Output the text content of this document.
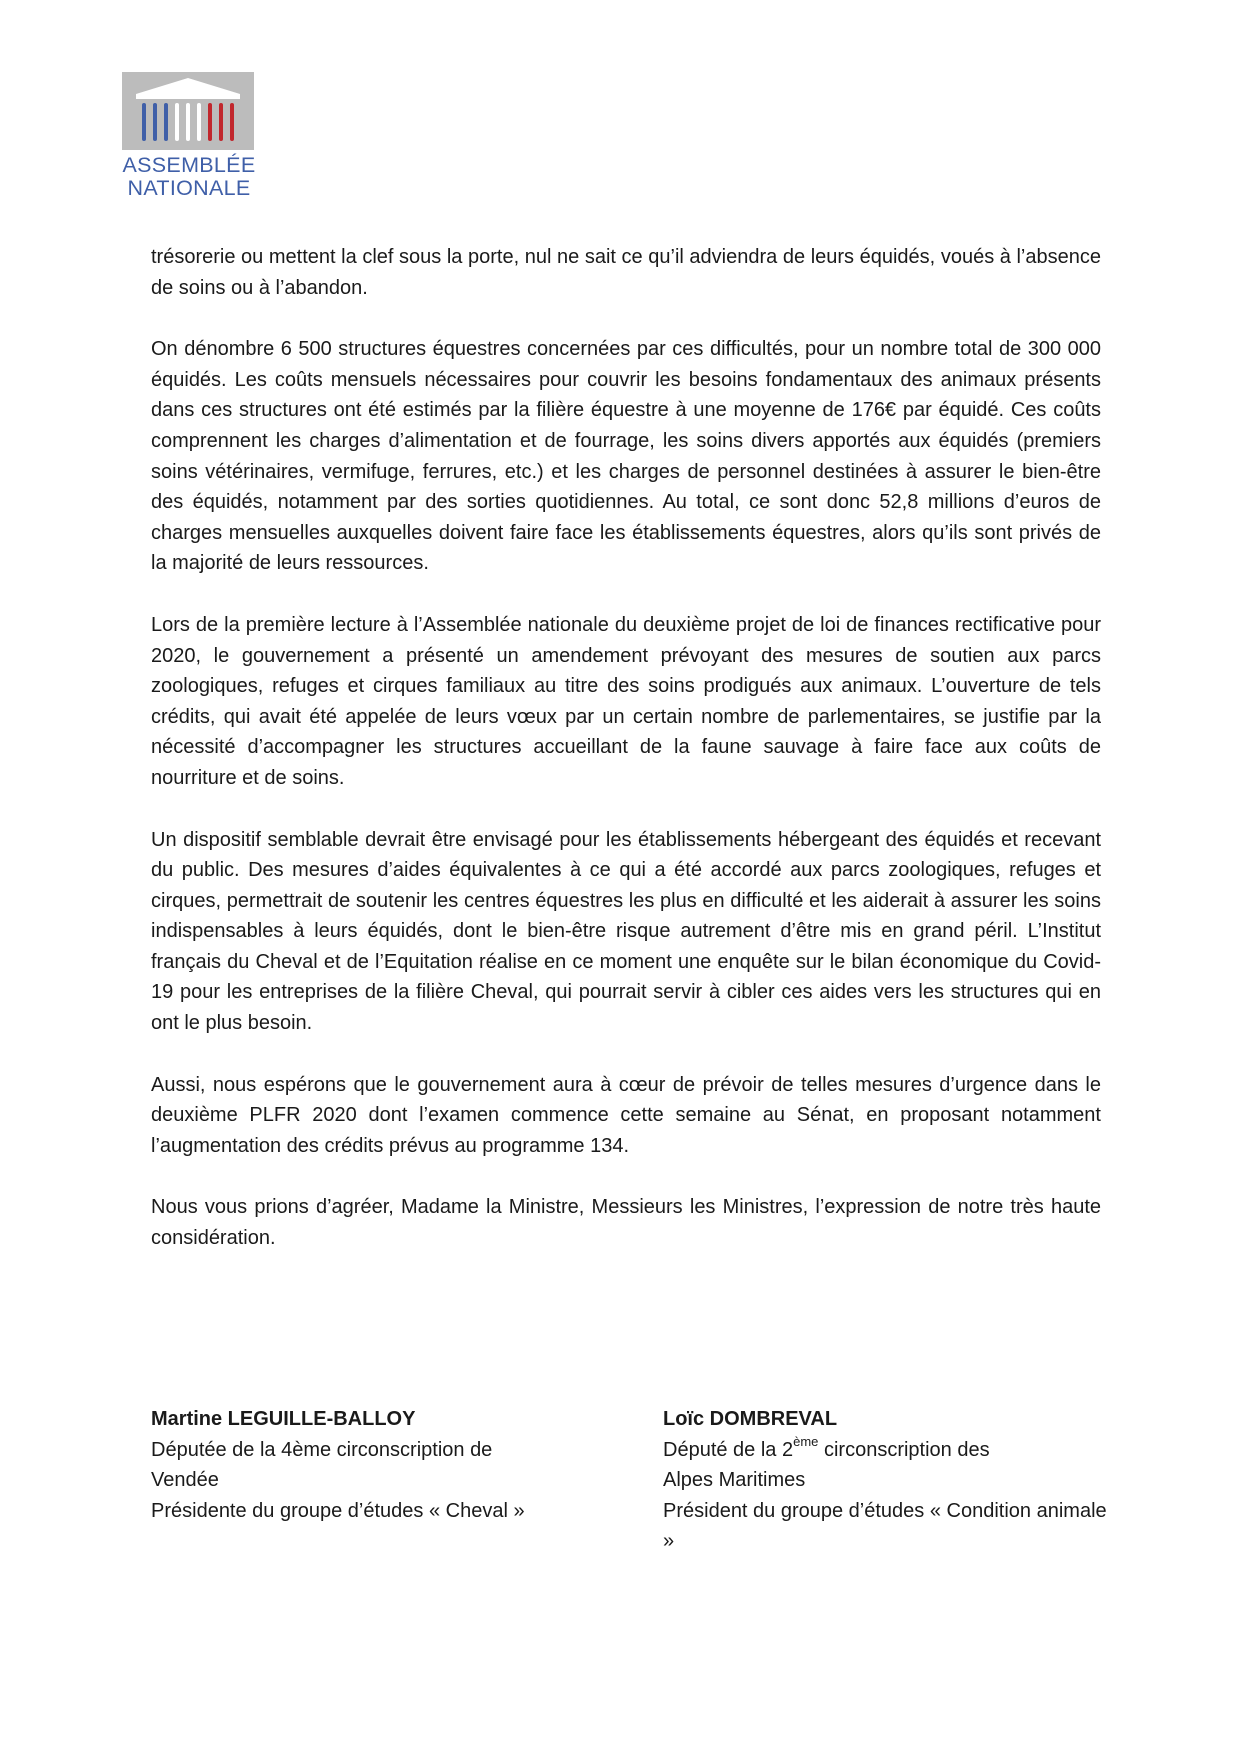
ASSEMBLÉE
NATIONALE

trésorerie ou mettent la clef sous la porte, nul ne sait ce qu’il adviendra de leurs équidés, voués à l’absence de soins ou à l’abandon.

On dénombre 6 500 structures équestres concernées par ces difficultés, pour un nombre total de 300 000 équidés. Les coûts mensuels nécessaires pour couvrir les besoins fondamentaux des animaux présents dans ces structures ont été estimés par la filière équestre à une moyenne de 176€ par équidé. Ces coûts comprennent les charges d’alimentation et de fourrage, les soins divers apportés aux équidés (premiers soins vétérinaires, vermifuge, ferrures, etc.) et les charges de personnel destinées à assurer le bien-être des équidés, notamment par des sorties quotidiennes. Au total, ce sont donc 52,8 millions d’euros de charges mensuelles auxquelles doivent faire face les établissements équestres, alors qu’ils sont privés de la majorité de leurs ressources.

Lors de la première lecture à l’Assemblée nationale du deuxième projet de loi de finances rectificative pour 2020, le gouvernement a présenté un amendement prévoyant des mesures de soutien aux parcs zoologiques, refuges et cirques familiaux au titre des soins prodigués aux animaux. L’ouverture de tels crédits, qui avait été appelée de leurs vœux par un certain nombre de parlementaires, se justifie par la nécessité d’accompagner les structures accueillant de la faune sauvage à faire face aux coûts de nourriture et de soins.

Un dispositif semblable devrait être envisagé pour les établissements hébergeant des équidés et recevant du public. Des mesures d’aides équivalentes à ce qui a été accordé aux parcs zoologiques, refuges et cirques, permettrait de soutenir les centres équestres les plus en difficulté et les aiderait à assurer les soins indispensables à leurs équidés, dont le bien-être risque autrement d’être mis en grand péril. L’Institut français du Cheval et de l’Equitation réalise en ce moment une enquête sur le bilan économique du Covid-19 pour les entreprises de la filière Cheval, qui pourrait servir à cibler ces aides vers les structures qui en ont le plus besoin.

Aussi, nous espérons que le gouvernement aura à cœur de prévoir de telles mesures d’urgence dans le deuxième PLFR 2020 dont l’examen commence cette semaine au Sénat, en proposant notamment l’augmentation des crédits prévus au programme 134.

Nous vous prions d’agréer, Madame la Ministre, Messieurs les Ministres, l’expression de notre très haute considération.

Martine LEGUILLE-BALLOY
Députée de la 4ème circonscription de
Vendée
Présidente du groupe d’études « Cheval »
Loïc DOMBREVAL
Député de la 2ème circonscription des
Alpes Maritimes
Président du groupe d’études « Condition animale »
